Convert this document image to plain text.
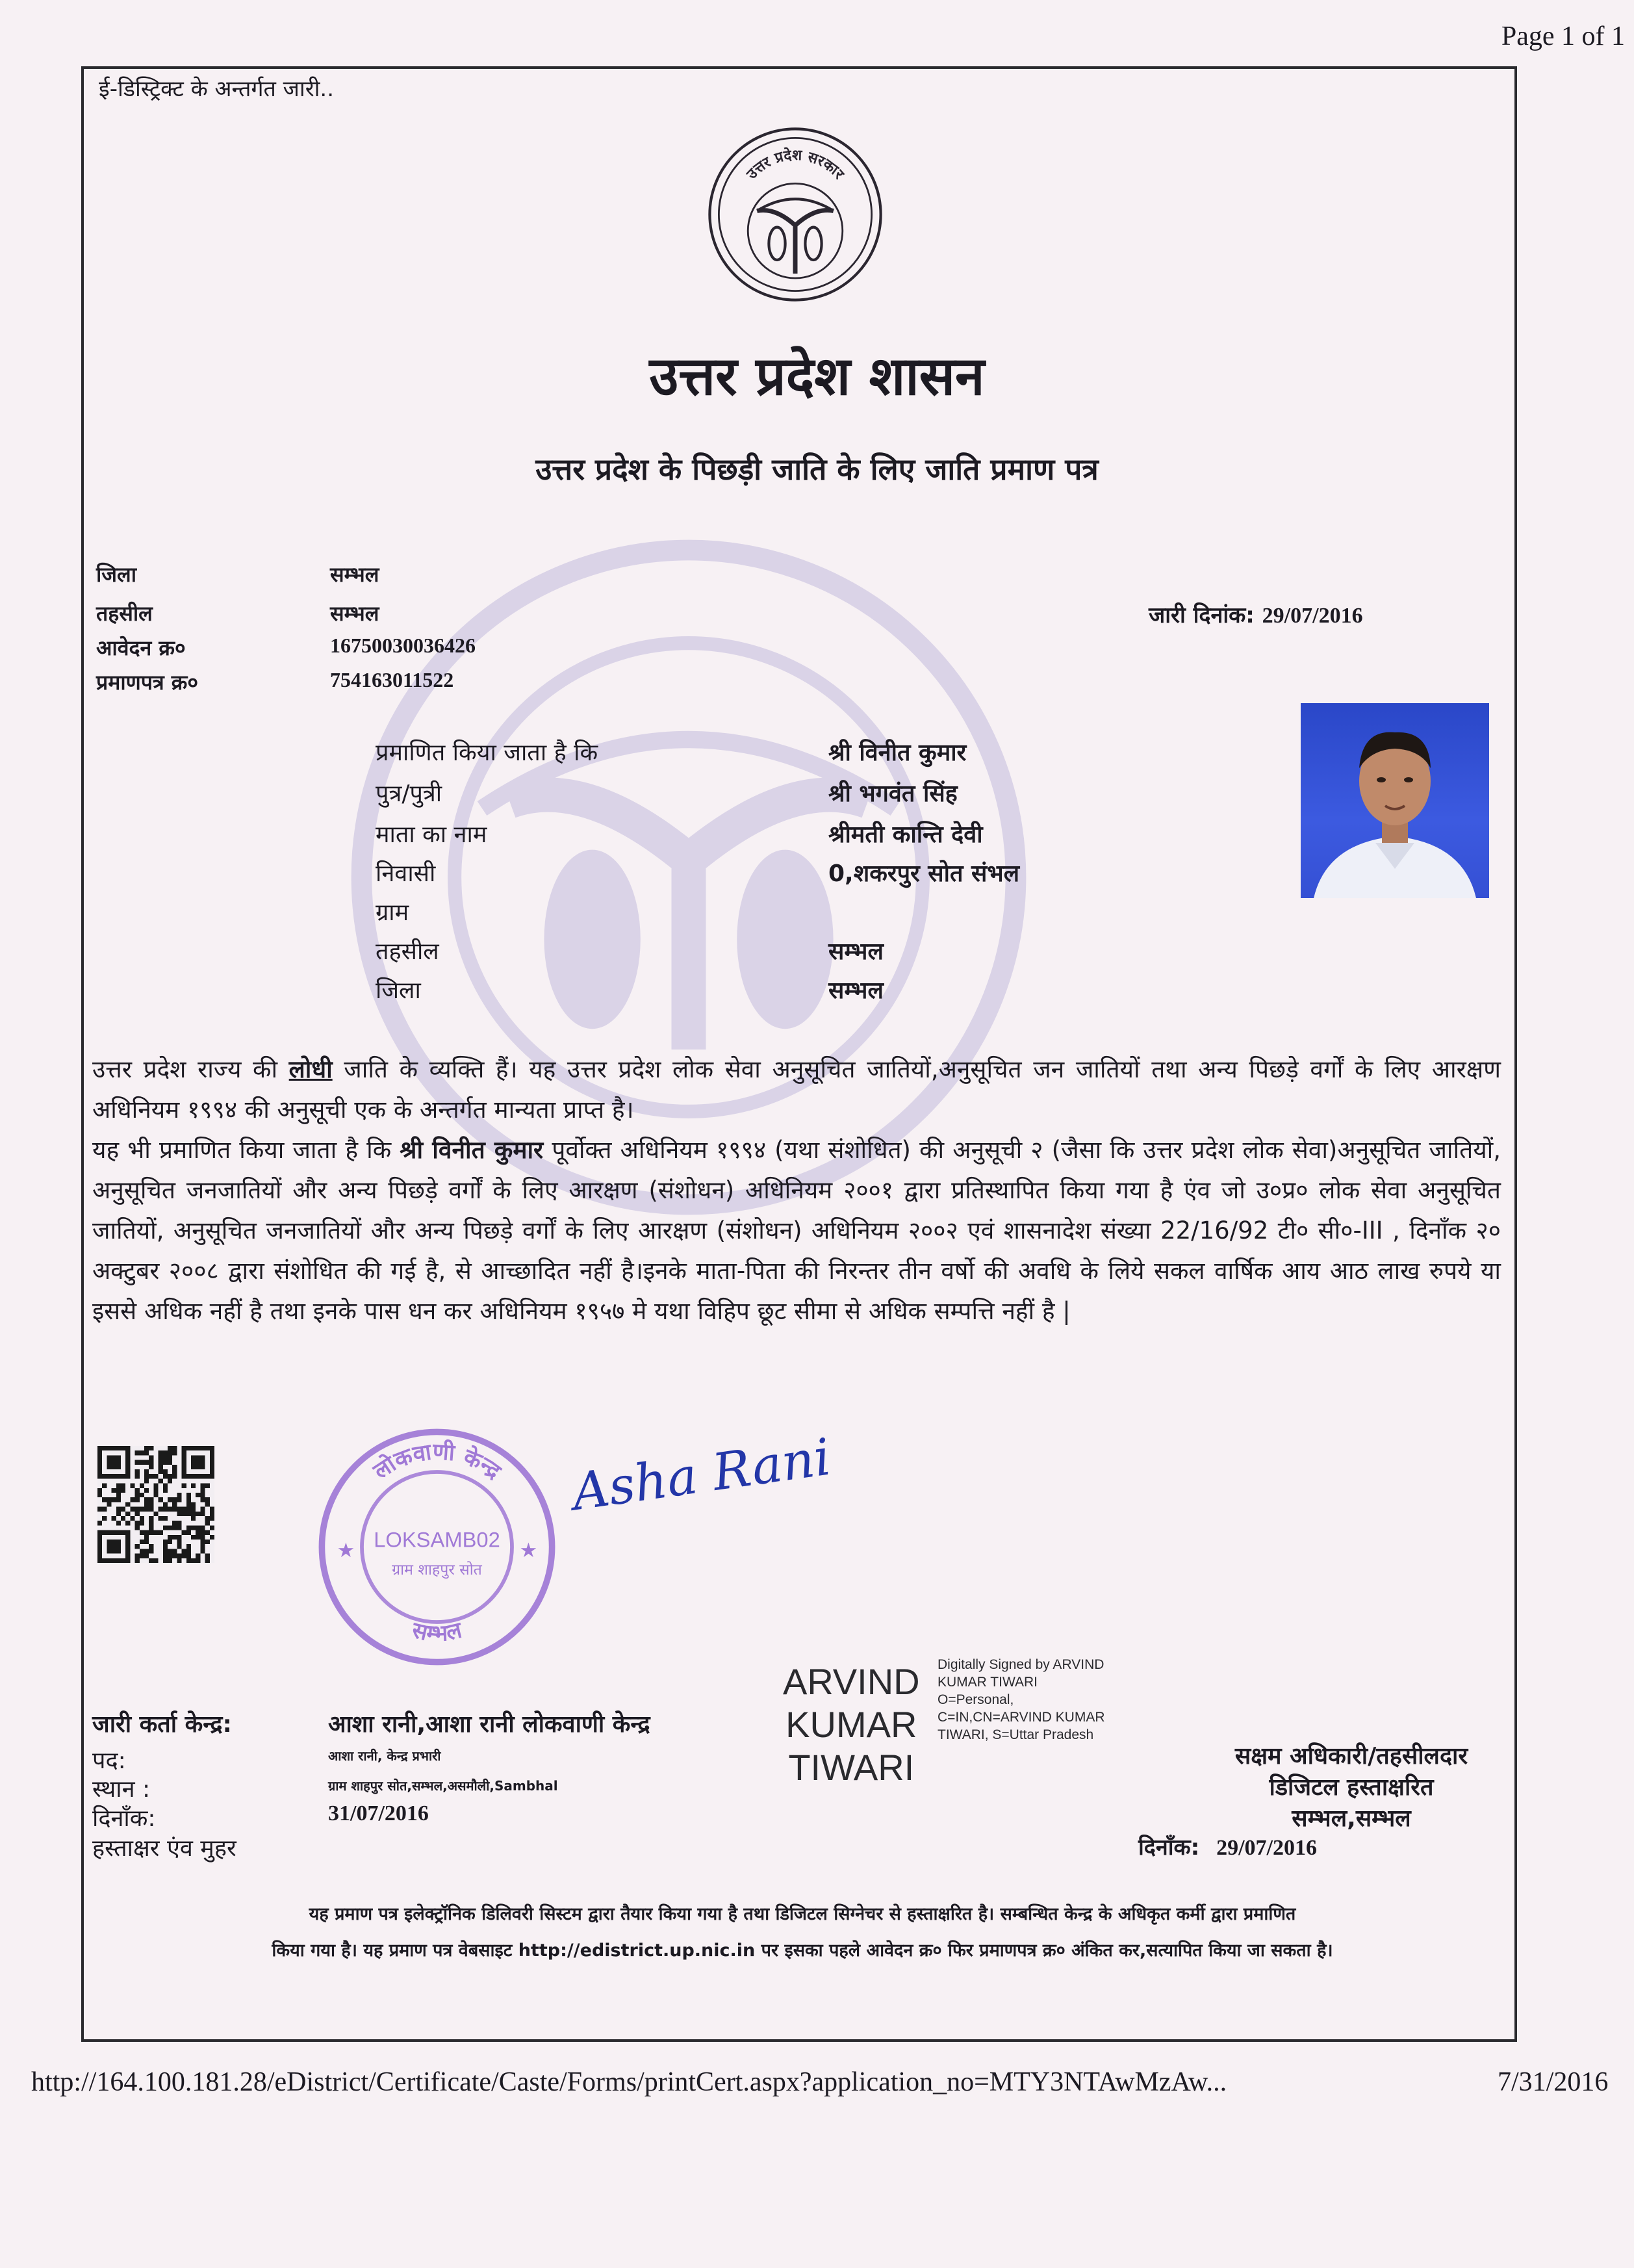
Page 1 of 1
ई-डिस्ट्रिक्ट के अन्तर्गत जारी..
उत्तर प्रदेश सरकार
उत्तर प्रदेश शासन
उत्तर प्रदेश के पिछड़ी जाति के लिए जाति प्रमाण पत्र
जिला	सम्भल
तहसील	सम्भल
आवेदन क्र०	16750030036426
प्रमाणपत्र क्र०	754163011522
जारी दिनांक: 29/07/2016
प्रमाणित किया जाता है कि	श्री विनीत कुमार
पुत्र/पुत्री	श्री भगवंत सिंह
माता का नाम	श्रीमती कान्ति देवी
निवासी	0,शकरपुर सोत संभल
ग्राम
तहसील	सम्भल
जिला	सम्भल
उत्तर प्रदेश राज्य की लोधी जाति के व्यक्ति हैं। यह उत्तर प्रदेश लोक सेवा अनुसूचित जातियों,अनुसूचित जन जातियों तथा अन्य पिछड़े वर्गों के लिए आरक्षण अधिनियम १९९४ की अनुसूची एक के अन्तर्गत मान्यता प्राप्त है।
यह भी प्रमाणित किया जाता है कि श्री विनीत कुमार पूर्वोक्त अधिनियम १९९४ (यथा संशोधित) की अनुसूची २ (जैसा कि उत्तर प्रदेश लोक सेवा)अनुसूचित जातियों, अनुसूचित जनजातियों और अन्य पिछड़े वर्गों के लिए आरक्षण (संशोधन) अधिनियम २००१ द्वारा प्रतिस्थापित किया गया है एंव जो उ०प्र० लोक सेवा अनुसूचित जातियों, अनुसूचित जनजातियों और अन्य पिछड़े वर्गों के लिए आरक्षण (संशोधन) अधिनियम २००२ एवं शासनादेश संख्या 22/16/92 टी० सी०-III , दिनाँक २० अक्टुबर २००८ द्वारा संशोधित की गई है, से आच्छादित नहीं है।इनके माता-पिता की निरन्तर तीन वर्षो की अवधि के लिये सकल वार्षिक आय आठ लाख रुपये या इससे अधिक नहीं है तथा इनके पास धन कर अधिनियम १९५७ मे यथा विहिप छूट सीमा से अधिक सम्पत्ति नहीं है |
लोकवाणी केन्द्र
सम्भल
LOKSAMB02
ग्राम शाहपुर सोत
★	★
Asha Rani
जारी कर्ता केन्द्र:	आशा रानी,आशा रानी लोकवाणी केन्द्र
पद:	आशा रानी, केन्द्र प्रभारी
स्थान :	ग्राम शाहपुर सोत,सम्भल,असमौली,Sambhal
दिनाँक:	31/07/2016
हस्ताक्षर एंव मुहर
ARVIND
KUMAR
TIWARI
Digitally Signed by ARVIND
KUMAR TIWARI
O=Personal,
C=IN,CN=ARVIND KUMAR
TIWARI, S=Uttar Pradesh
सक्षम अधिकारी/तहसीलदार
डिजिटल हस्ताक्षरित
सम्भल,सम्भल
दिनाँक: 29/07/2016
यह प्रमाण पत्र इलेक्ट्रॉनिक डिलिवरी सिस्टम द्वारा तैयार किया गया है तथा डिजिटल सिग्नेचर से हस्ताक्षरित है। सम्बन्धित केन्द्र के अधिकृत कर्मी द्वारा प्रमाणित
किया गया है। यह प्रमाण पत्र वेबसाइट http://edistrict.up.nic.in पर इसका पहले आवेदन क्र० फिर प्रमाणपत्र क्र० अंकित कर,सत्यापित किया जा सकता है।
http://164.100.181.28/eDistrict/Certificate/Caste/Forms/printCert.aspx?application_no=MTY3NTAwMzAw...	7/31/2016
